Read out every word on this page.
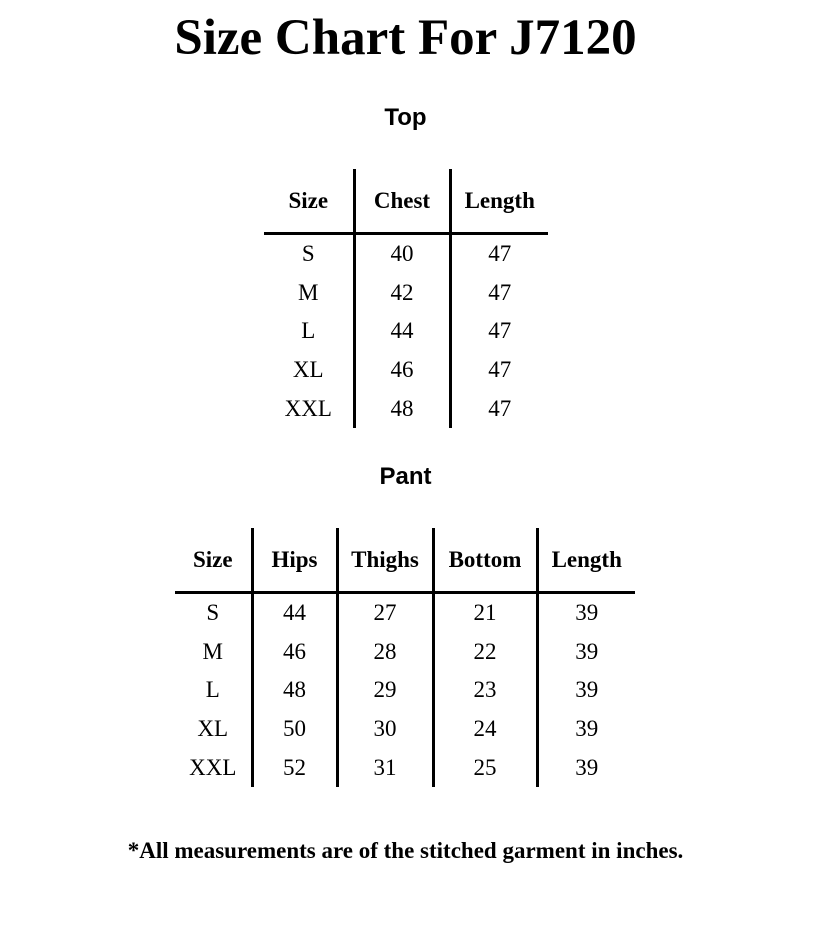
Size Chart For J7120
Top
Size	Chest	Length
S	40	47
M	42	47
L	44	47
XL	46	47
XXL	48	47
Pant
Size	Hips	Thighs	Bottom	Length
S	44	27	21	39
M	46	28	22	39
L	48	29	23	39
XL	50	30	24	39
XXL	52	31	25	39
*All measurements are of the stitched garment in inches.
